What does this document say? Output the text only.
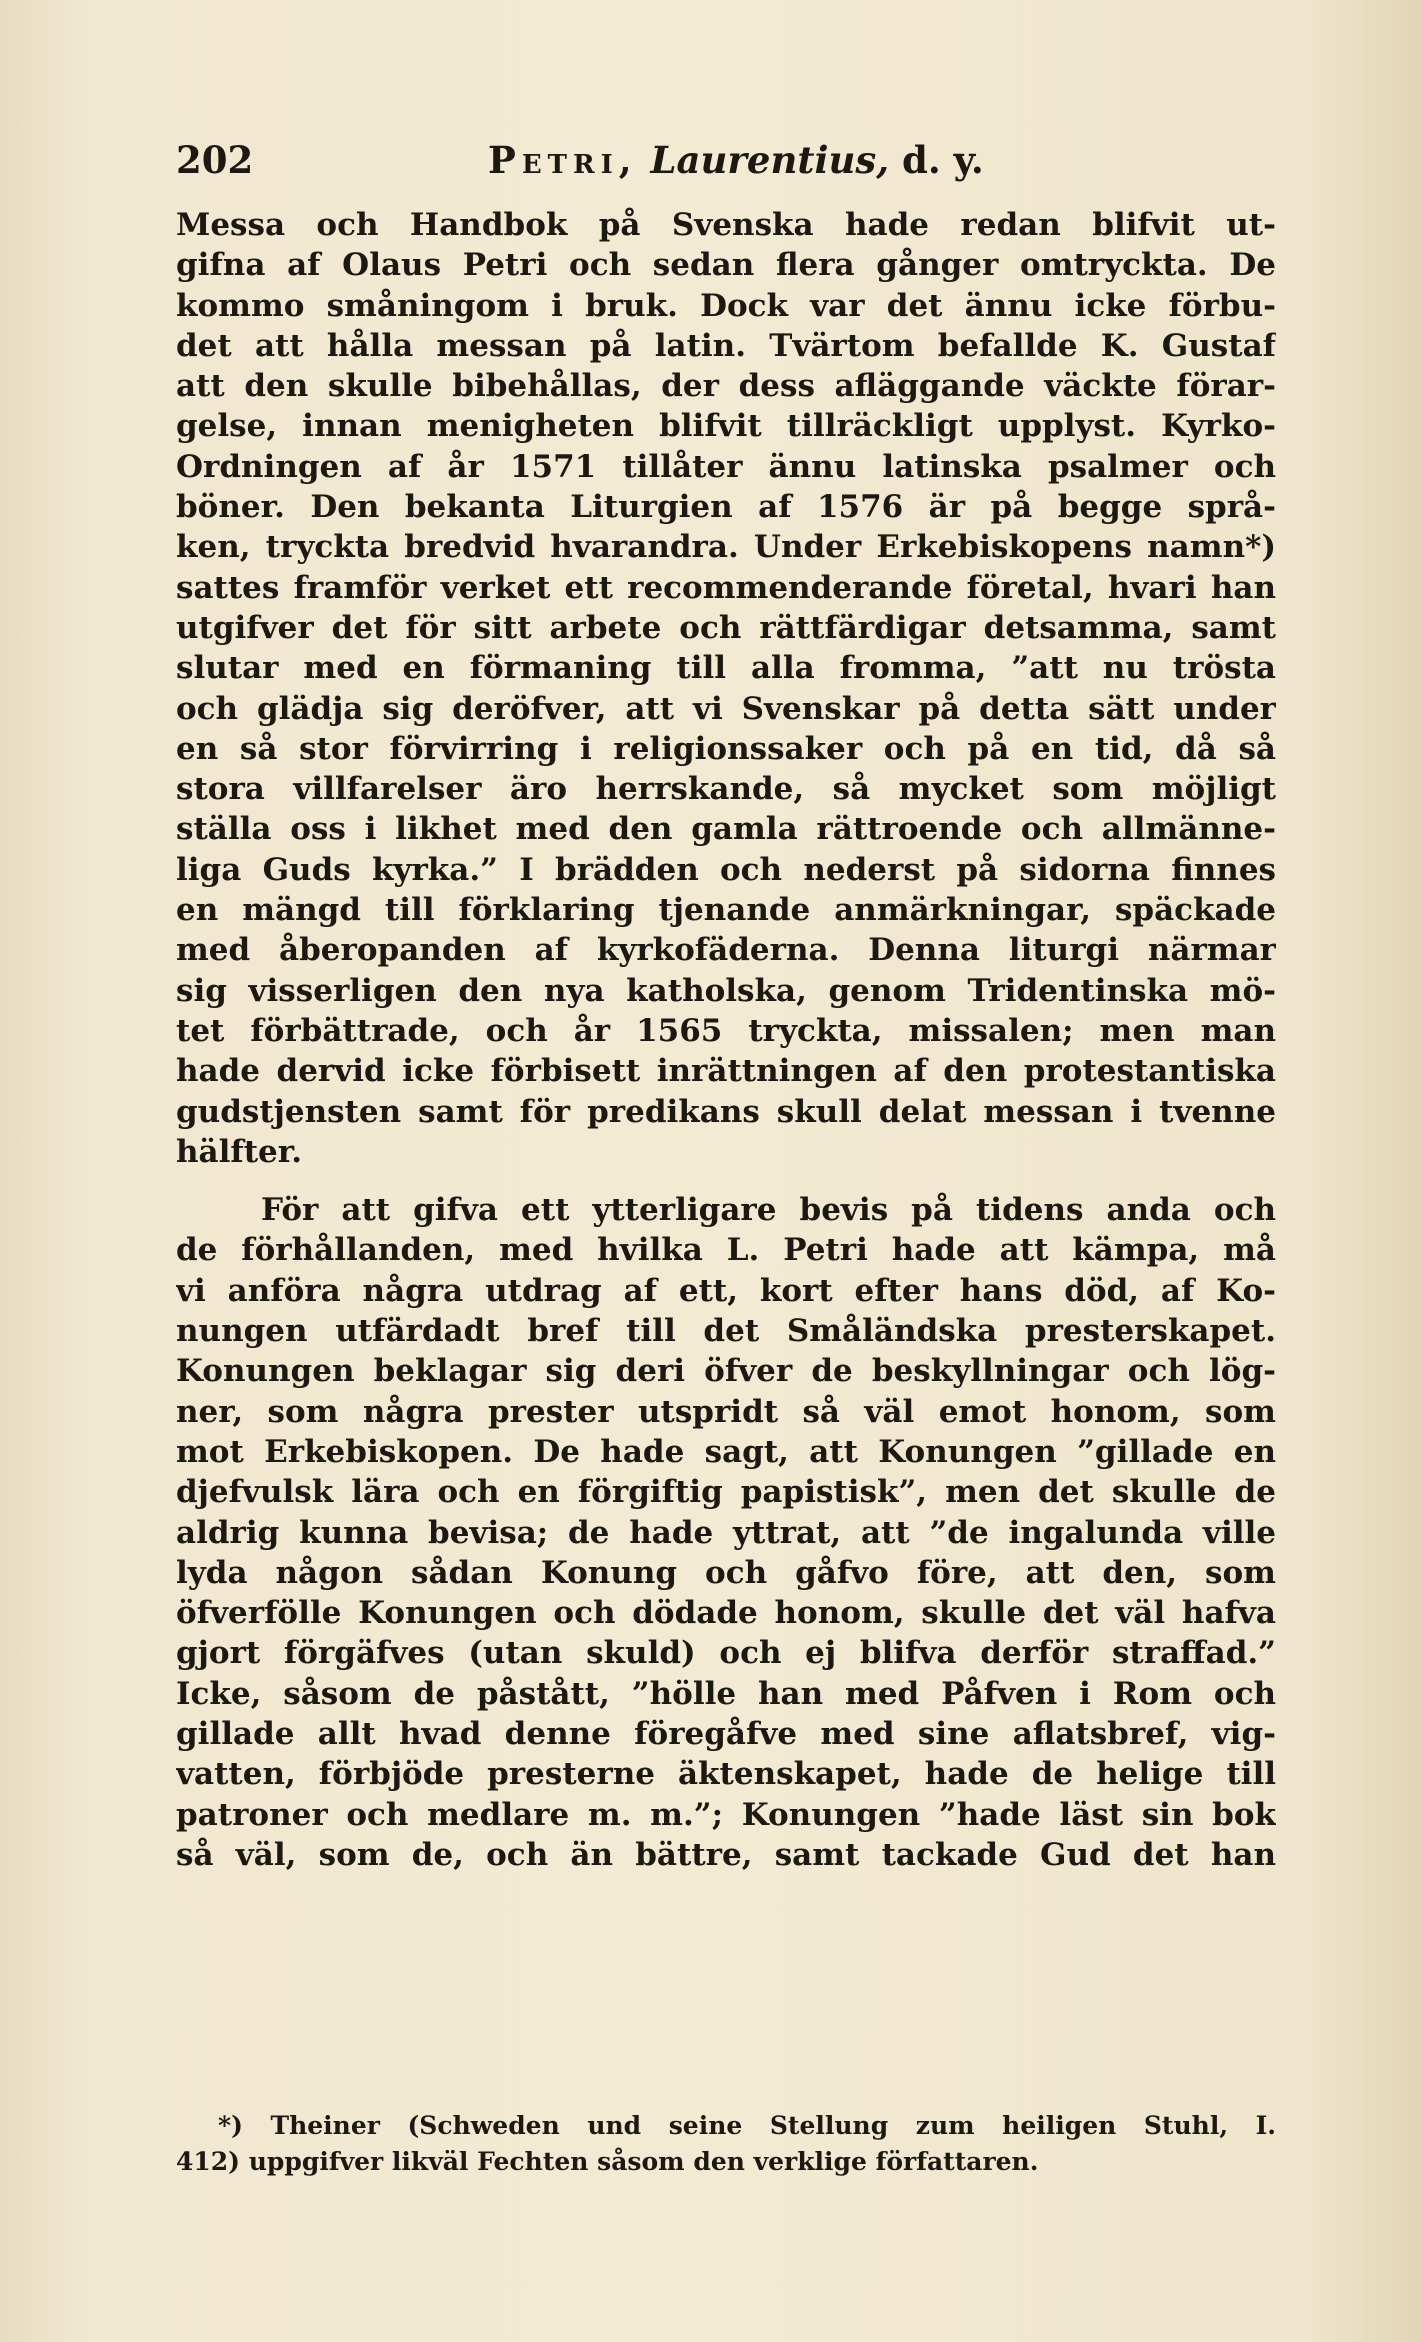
202	Petri, Laurentius, d. y.
Messa och Handbok på Svenska hade redan blifvit ut-
gifna af Olaus Petri och sedan flera gånger omtryckta. De
kommo småningom i bruk. Dock var det ännu icke förbu-
det att hålla messan på latin. Tvärtom befallde K. Gustaf
att den skulle bibehållas, der dess afläggande väckte förar-
gelse, innan menigheten blifvit tillräckligt upplyst. Kyrko-
Ordningen af år 1571 tillåter ännu latinska psalmer och
böner. Den bekanta Liturgien af 1576 är på begge språ-
ken, tryckta bredvid hvarandra. Under Erkebiskopens namn*)
sattes framför verket ett recommenderande företal, hvari han
utgifver det för sitt arbete och rättfärdigar detsamma, samt
slutar med en förmaning till alla fromma, ”att nu trösta
och glädja sig deröfver, att vi Svenskar på detta sätt under
en så stor förvirring i religionssaker och på en tid, då så
stora villfarelser äro herrskande, så mycket som möjligt
ställa oss i likhet med den gamla rättroende och allmänne-
liga Guds kyrka.” I brädden och nederst på sidorna finnes
en mängd till förklaring tjenande anmärkningar, späckade
med åberopanden af kyrkofäderna. Denna liturgi närmar
sig visserligen den nya katholska, genom Tridentinska mö-
tet förbättrade, och år 1565 tryckta, missalen; men man
hade dervid icke förbisett inrättningen af den protestantiska
gudstjensten samt för predikans skull delat messan i tvenne
hälfter.
För att gifva ett ytterligare bevis på tidens anda och
de förhållanden, med hvilka L. Petri hade att kämpa, må
vi anföra några utdrag af ett, kort efter hans död, af Ko-
nungen utfärdadt bref till det Småländska presterskapet.
Konungen beklagar sig deri öfver de beskyllningar och lög-
ner, som några prester utspridt så väl emot honom, som
mot Erkebiskopen. De hade sagt, att Konungen ”gillade en
djefvulsk lära och en förgiftig papistisk”, men det skulle de
aldrig kunna bevisa; de hade yttrat, att ”de ingalunda ville
lyda någon sådan Konung och gåfvo före, att den, som
öfverfölle Konungen och dödade honom, skulle det väl hafva
gjort förgäfves (utan skuld) och ej blifva derför straffad.”
Icke, såsom de påstått, ”hölle han med Påfven i Rom och
gillade allt hvad denne föregåfve med sine aflatsbref, vig-
vatten, förbjöde presterne äktenskapet, hade de helige till
patroner och medlare m. m.”; Konungen ”hade läst sin bok
så väl, som de, och än bättre, samt tackade Gud det han
*) Theiner (Schweden und seine Stellung zum heiligen Stuhl, I.
412) uppgifver likväl Fechten såsom den verklige författaren.
